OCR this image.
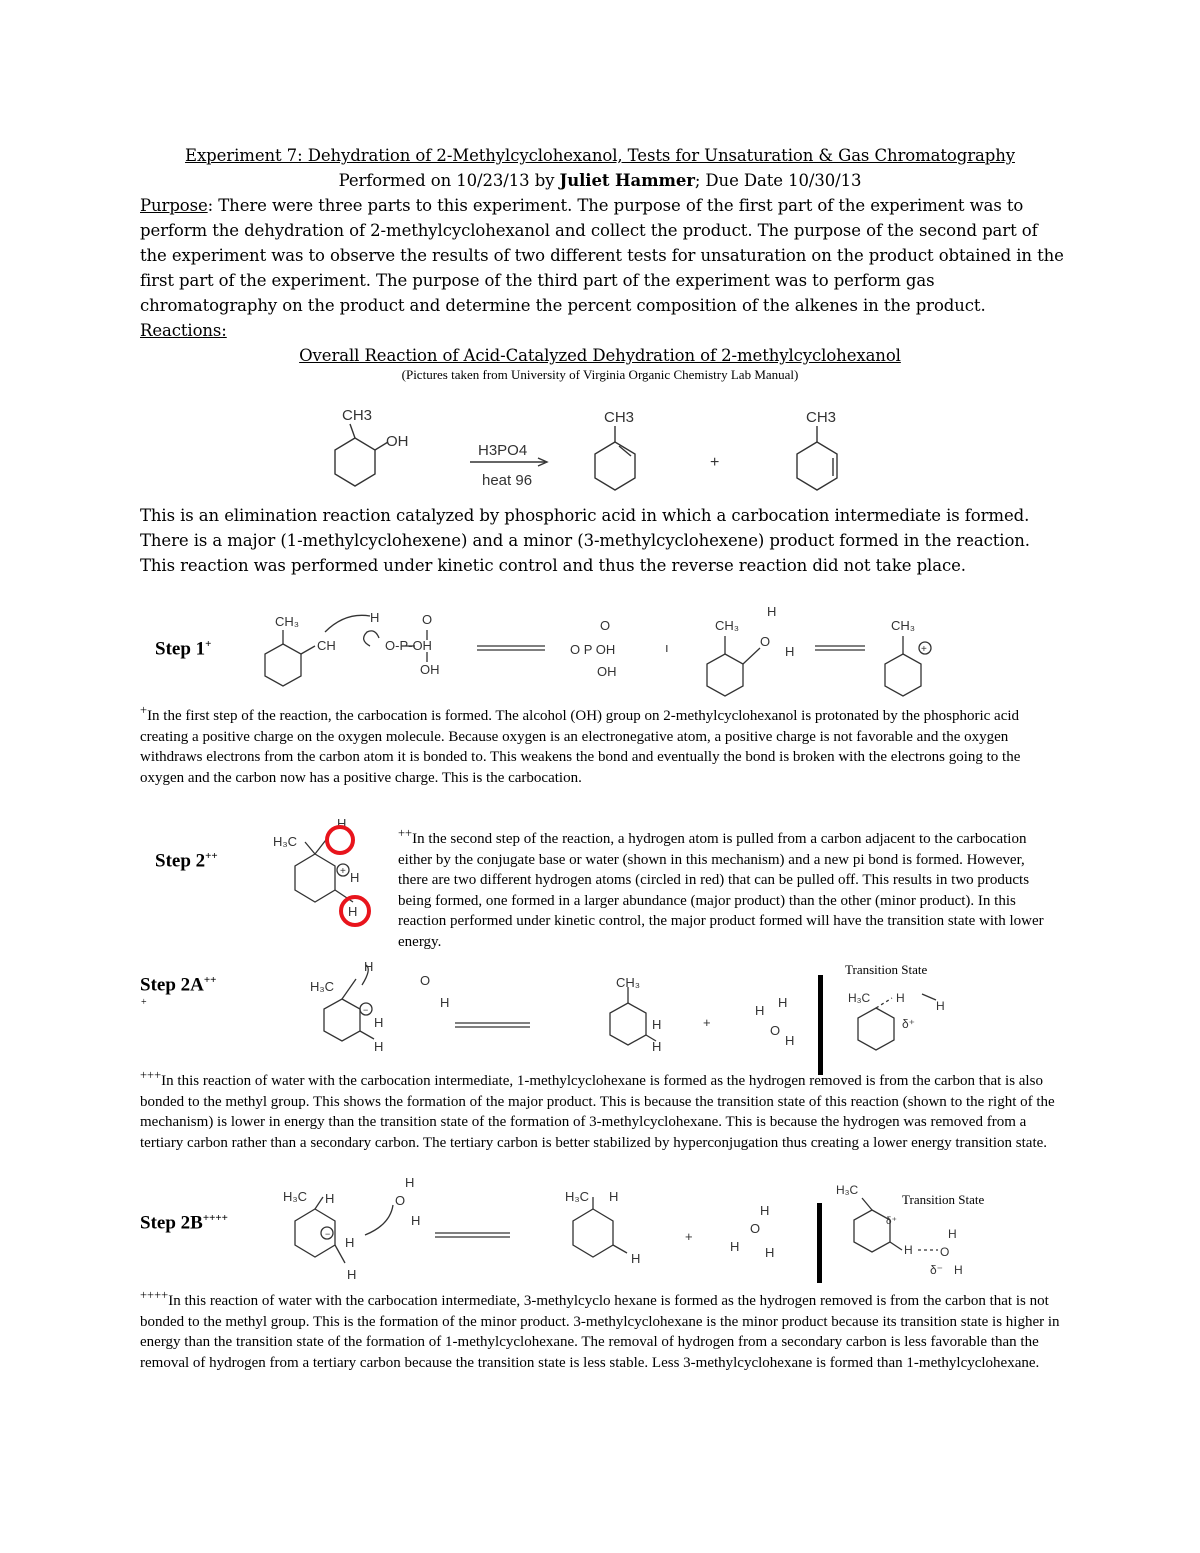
Experiment 7: Dehydration of 2-Methylcyclohexanol, Tests for Unsaturation & Gas Chromatography
Performed on 10/23/13 by Juliet Hammer; Due Date 10/30/13
Purpose: There were three parts to this experiment. The purpose of the first part of the experiment was to perform the dehydration of 2-methylcyclohexanol and collect the product. The purpose of the second part of the experiment was to observe the results of two different tests for unsaturation on the product obtained in the first part of the experiment. The purpose of the third part of the experiment was to perform gas chromatography on the product and determine the percent composition of the alkenes in the product.
Reactions:
Overall Reaction of Acid-Catalyzed Dehydration of 2-methylcyclohexanol
(Pictures taken from University of Virginia Organic Chemistry Lab Manual)
CH3
OH
H3PO4
heat 96
CH3
+
CH3
This is an elimination reaction catalyzed by phosphoric acid in which a carbocation intermediate is formed. There is a major (1-methylcyclohexene) and a minor (3-methylcyclohexene) product formed in the reaction. This reaction was performed under kinetic control and thus the reverse reaction did not take place.
Step 1+
CH₃
CH
H
O-P-OH
O
OH
O P OH
O
OH
ı
CH₃
H
O
H
CH₃
+
+In the first step of the reaction, the carbocation is formed. The alcohol (OH) group on 2-methylcyclohexanol is protonated by the phosphoric acid creating a positive charge on the oxygen molecule. Because oxygen is an electronegative atom, a positive charge is not favorable and the oxygen withdraws electrons from the carbon atom it is bonded to. This weakens the bond and eventually the bond is broken with the electrons going to the oxygen and the carbon now has a positive charge. This is the carbocation.
Step 2++
H₃C
H
+ H
H
++In the second step of the reaction, a hydrogen atom is pulled from a carbon adjacent to the carbocation either by the conjugate base or water (shown in this mechanism) and a new pi bond is formed. However, there are two different hydrogen atoms (circled in red) that can be pulled off. This results in two products being formed, one formed in a larger abundance (major product) than the other (minor product). In this reaction performed under kinetic control, the major product formed will have the transition state with lower energy.
Step 2A++
+
H₃C
H
−
H
H
O
H
CH₃
H
H
+
H
H
O
H
Transition State
H₃C H
H
δ⁺
+++In this reaction of water with the carbocation intermediate, 1-methylcyclohexane is formed as the hydrogen removed is from the carbon that is also bonded to the methyl group. This shows the formation of the major product. This is because the transition state of this reaction (shown to the right of the mechanism) is lower in energy than the transition state of the formation of 3-methylcyclohexane. This is because the hydrogen was removed from a tertiary carbon rather than a secondary carbon. The tertiary carbon is better stabilized by hyperconjugation thus creating a lower energy transition state.
Step 2B++++
H₃C H
−
H
H
H
O
H
H₃C H
H
+
H
O
H H
Transition State
H₃C
δ⁺
H
H
O
δ⁻ H
++++In this reaction of water with the carbocation intermediate, 3-methylcyclo hexane is formed as the hydrogen removed is from the carbon that is not bonded to the methyl group. This is the formation of the minor product. 3-methylcyclohexane is the minor product because its transition state is higher in energy than the transition state of the formation of 1-methylcyclohexane. The removal of hydrogen from a secondary carbon is less favorable than the removal of hydrogen from a tertiary carbon because the transition state is less stable. Less 3-methylcyclohexane is formed than 1-methylcyclohexane.
